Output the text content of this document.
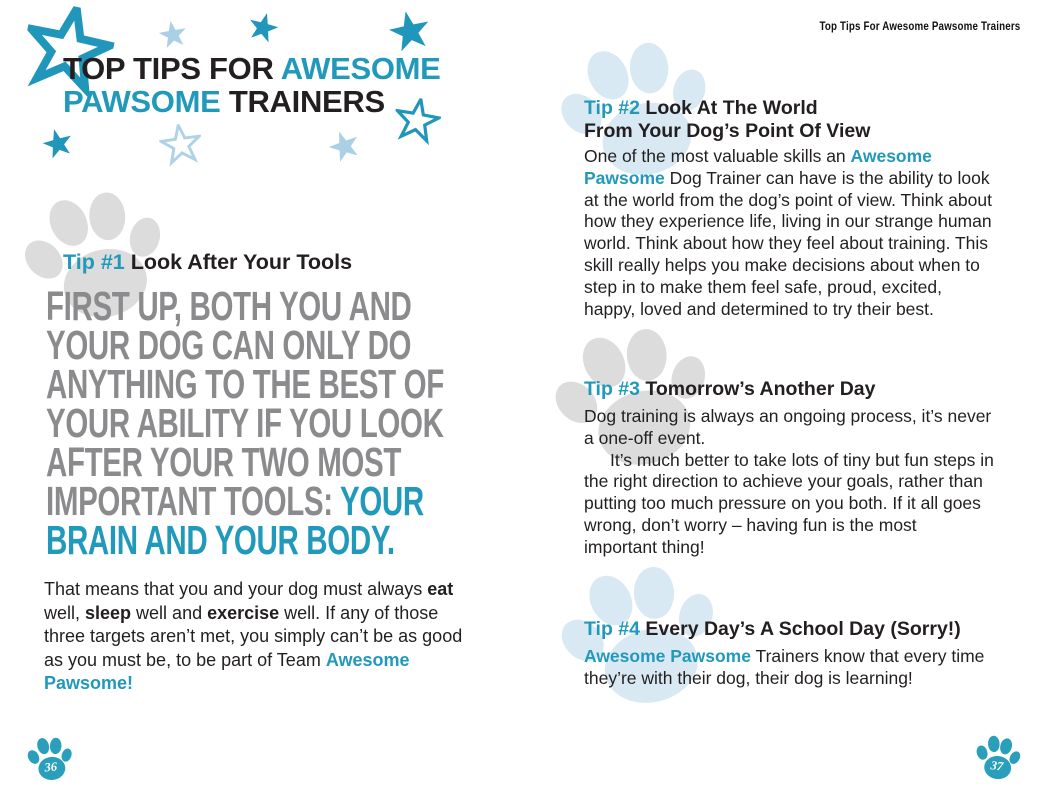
TOP TIPS FOR AWESOME
PAWSOME TRAINERS
Tip #1 Look After Your Tools
FIRST UP, BOTH YOU AND
YOUR DOG CAN ONLY DO
ANYTHING TO THE BEST OF
YOUR ABILITY IF YOU LOOK
AFTER YOUR TWO MOST
IMPORTANT TOOLS: YOUR
BRAIN AND YOUR BODY.

That means that you and your dog must always eat well, sleep well and exercise well. If any of those three targets aren’t met, you simply can’t be as good as you must be, to be part of Team Awesome Pawsome!

36
Top Tips For Awesome Pawsome Trainers
Tip #2 Look At The World
From Your Dog’s Point Of View
One of the most valuable skills an Awesome Pawsome Dog Trainer can have is the ability to look at the world from the dog’s point of view. Think about how they experience life, living in our strange human world. Think about how they feel about training. This skill really helps you make decisions about when to step in to make them feel safe, proud, excited, happy, loved and determined to try their best.
Tip #3 Tomorrow’s Another Day

Dog training is always an ongoing process, it’s never a one-off event.

It’s much better to take lots of tiny but fun steps in the right direction to achieve your goals, rather than putting too much pressure on you both. If it all goes wrong, don’t worry – having fun is the most important thing!

Tip #4 Every Day’s A School Day (Sorry!)
Awesome Pawsome Trainers know that every time they’re with their dog, their dog is learning!
37
